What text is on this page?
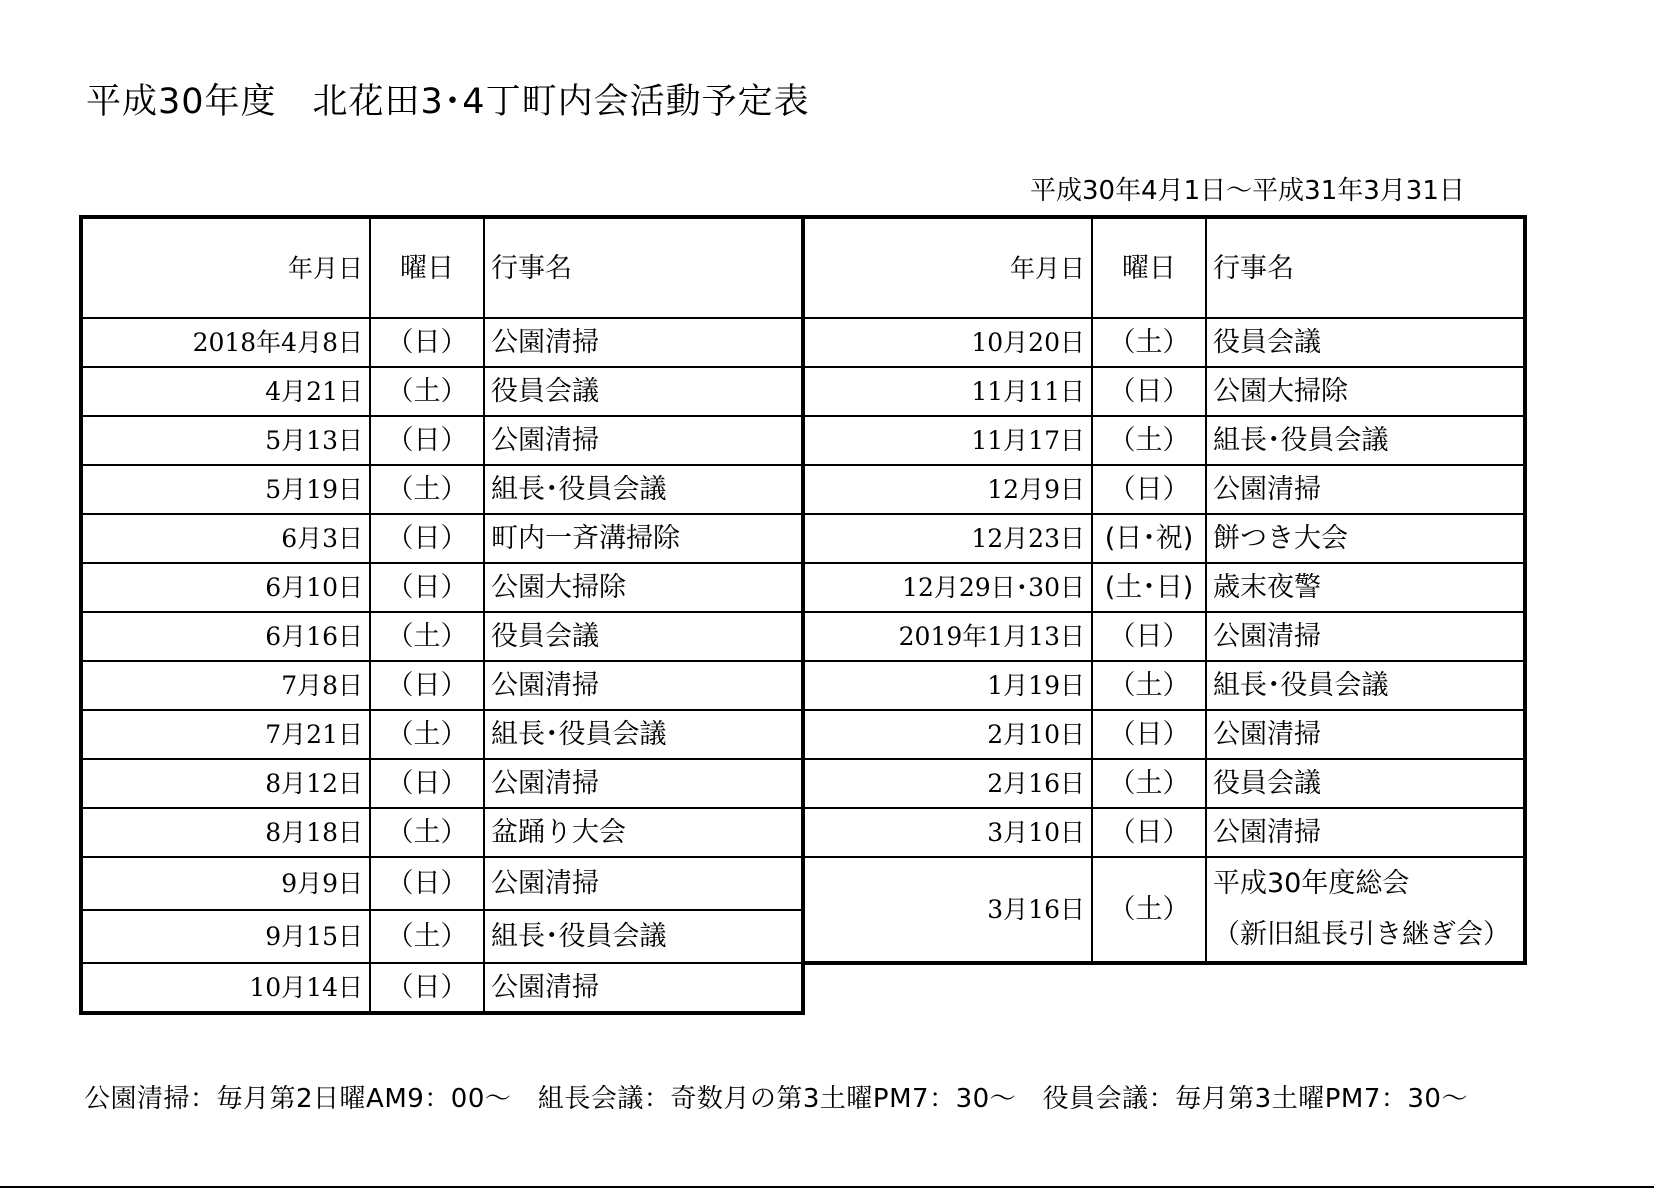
平成30年度　北花田3･4丁町内会活動予定表
平成30年4月1日～平成31年3月31日
年月日	曜日	行事名	年月日	曜日	行事名
2018年4月8日	（日）	公園清掃	10月20日	（土）	役員会議
4月21日	（土）	役員会議	11月11日	（日）	公園大掃除
5月13日	（日）	公園清掃	11月17日	（土）	組長･役員会議
5月19日	（土）	組長･役員会議	12月9日	（日）	公園清掃
6月3日	（日）	町内一斉溝掃除	12月23日	(日･祝)	餅つき大会
6月10日	（日）	公園大掃除	12月29日･30日	(土･日)	歳末夜警
6月16日	（土）	役員会議	2019年1月13日	（日）	公園清掃
7月8日	（日）	公園清掃	1月19日	（土）	組長･役員会議
7月21日	（土）	組長･役員会議	2月10日	（日）	公園清掃
8月12日	（日）	公園清掃	2月16日	（土）	役員会議
8月18日	（土）	盆踊り大会	3月10日	（日）	公園清掃
9月9日	（日）	公園清掃	3月16日	（土）	平成30年度総会
（新旧組長引き継ぎ会）
9月15日	（土）	組長･役員会議			
10月14日	（日）	公園清掃			
公園清掃：毎月第2日曜AM9：00～　組長会議：奇数月の第3土曜PM7：30～　役員会議：毎月第3土曜PM7：30～
